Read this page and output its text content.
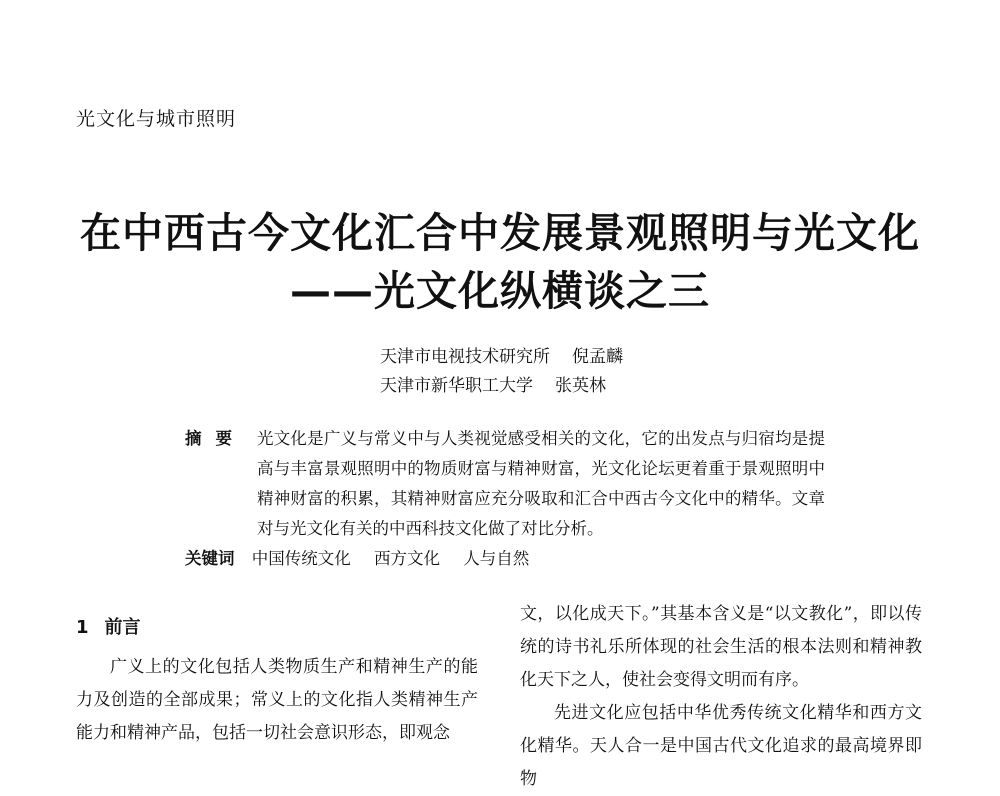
光文化与城市照明
在中西古今文化汇合中发展景观照明与光文化
——光文化纵横谈之三
天津市电视技术研究所 倪孟麟
天津市新华职工大学 张英林
摘要 光文化是广义与常义中与人类视觉感受相关的文化，它的出发点与归宿均是提高与丰富景观照明中的物质财富与精神财富，光文化论坛更着重于景观照明中精神财富的积累，其精神财富应充分吸取和汇合中西古今文化中的精华。文章对与光文化有关的中西科技文化做了对比分析。
关键词 中国传统文化 西方文化 人与自然
1 前言

广义上的文化包括人类物质生产和精神生产的能力及创造的全部成果；常义上的文化指人类精神生产能力和精神产品，包括一切社会意识形态，即观念

文，以化成天下。”其基本含义是“以文教化”，即以传统的诗书礼乐所体现的社会生活的根本法则和精神教化天下之人，使社会变得文明而有序。

先进文化应包括中华优秀传统文化精华和西方文化精华。天人合一是中国古代文化追求的最高境界即物
